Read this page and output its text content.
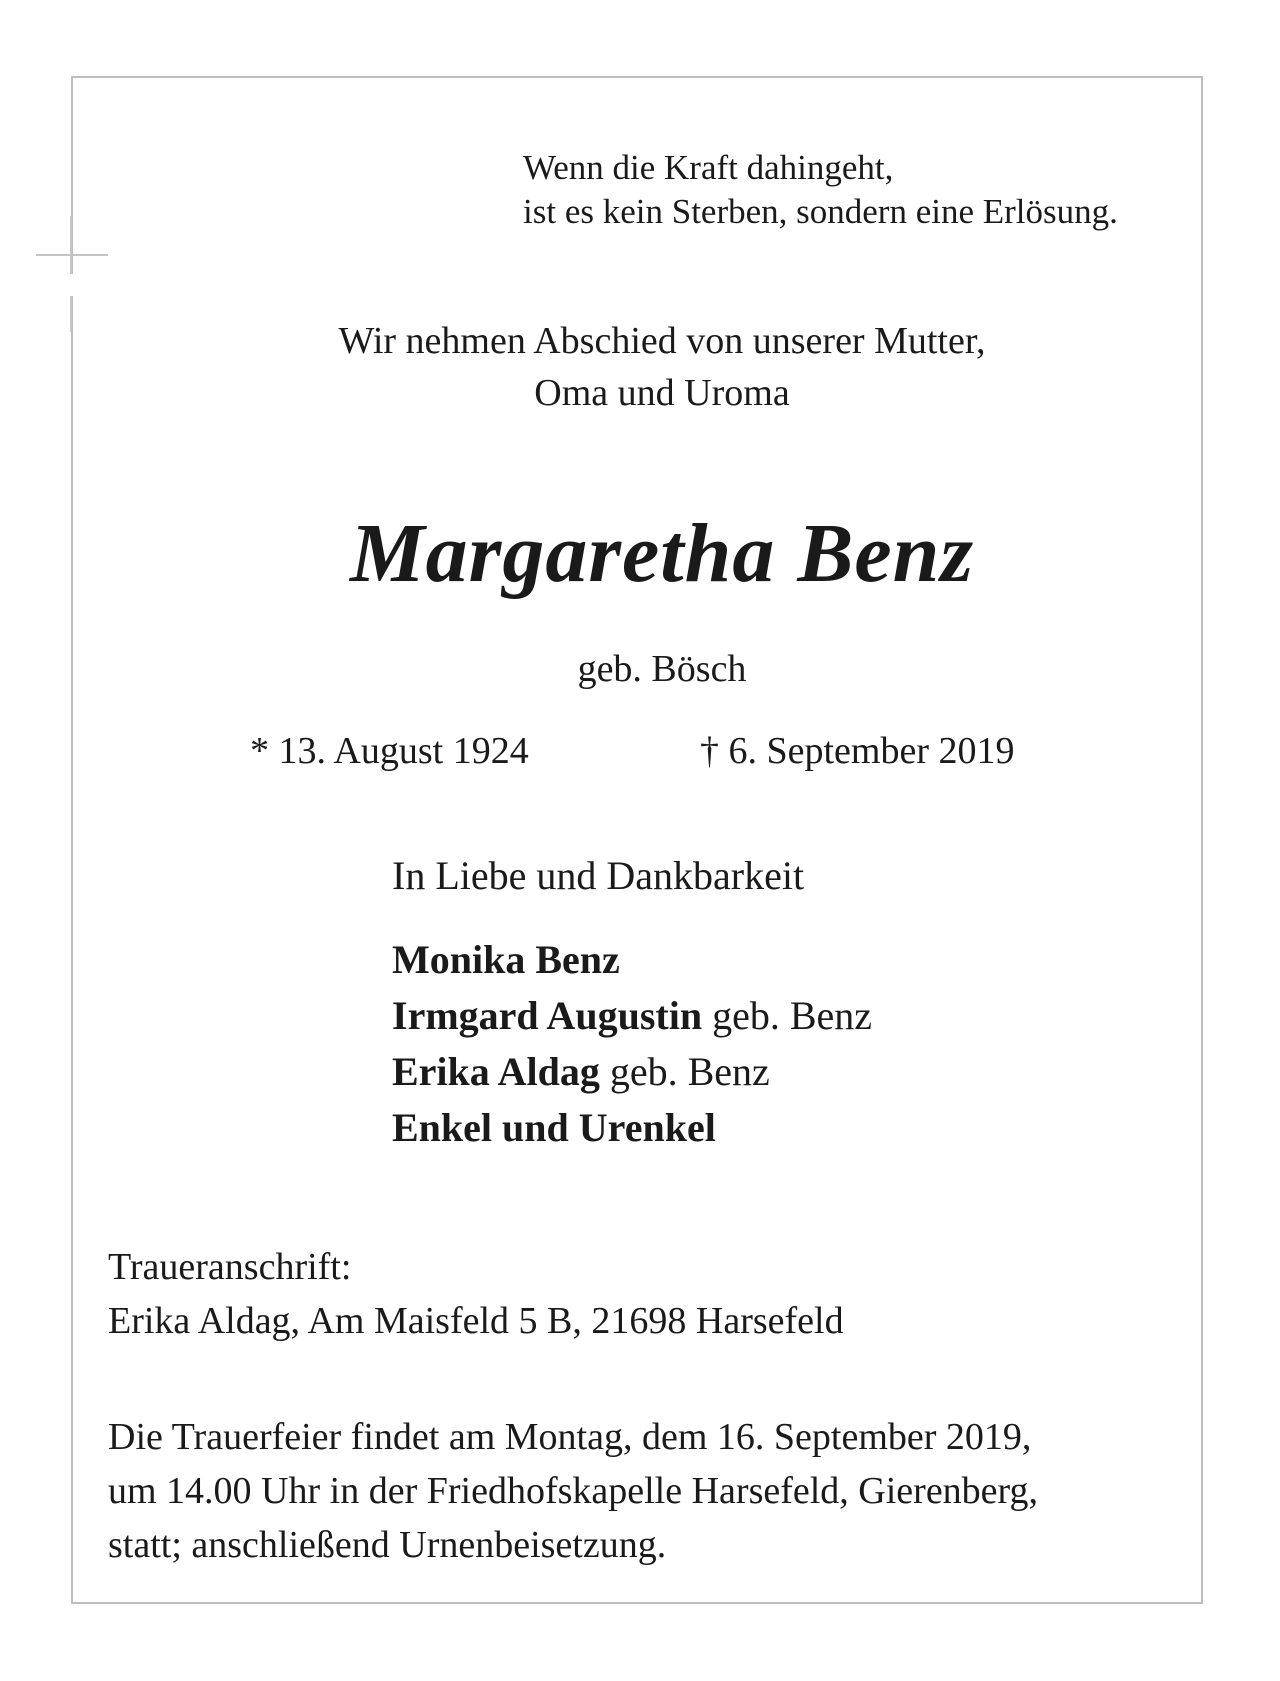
Wenn die Kraft dahingeht,

ist es kein Sterben, sondern eine Erlösung.

Wir nehmen Abschied von unserer Mutter,

Oma und Uroma

Margaretha Benz

geb. Bösch

* 13. August 1924	† 6. September 2019

In Liebe und Dankbarkeit

Monika Benz

Irmgard Augustin geb. Benz

Erika Aldag geb. Benz

Enkel und Urenkel

Traueranschrift:

Erika Aldag, Am Maisfeld 5 B, 21698 Harsefeld

Die Trauerfeier findet am Montag, dem 16. September 2019,

um 14.00 Uhr in der Friedhofskapelle Harsefeld, Gierenberg,

statt; anschließend Urnenbeisetzung.
